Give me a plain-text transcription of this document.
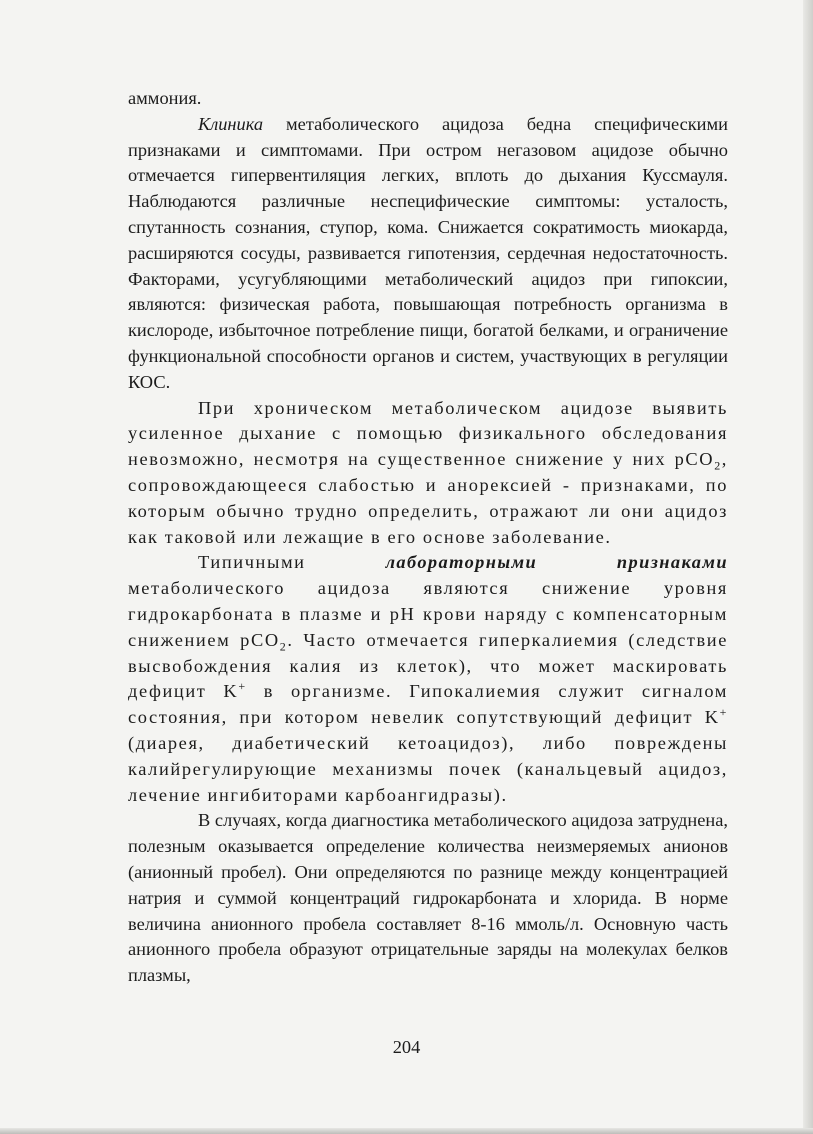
аммония.

Клиника метаболического ацидоза бедна специфическими признаками и симптомами. При остром негазовом ацидозе обычно отмечается гипервентиляция легких, вплоть до дыхания Куссмауля. Наблюдаются различные неспецифические симптомы: усталость, спутанность сознания, ступор, кома. Снижается сократимость миокарда, расширяются сосуды, развивается гипотензия, сердечная недостаточность. Факторами, усугубляющими метаболический ацидоз при гипоксии, являются: физическая работа, повышающая потребность организма в кислороде, избыточное потребление пищи, богатой белками, и ограничение функциональной способности органов и систем, участвующих в регуляции КОС.

При хроническом метаболическом ацидозе выявить усиленное дыхание с помощью физикального обследования невозможно, несмотря на существенное снижение у них pCO$_2$, сопровождающееся слабостью и анорексией - признаками, по которым обычно трудно определить, отражают ли они ацидоз как таковой или лежащие в его основе заболевание.

Типичными	лабораторными признаками

метаболического ацидоза являются снижение уровня гидрокарбоната в плазме и рН крови наряду с компенсаторным снижением pCO$_2$. Часто отмечается гиперкалиемия (следствие высвобождения калия из клеток), что может маскировать дефицит K+ в организме. Гипокалиемия служит сигналом состояния, при котором невелик сопутствующий дефицит K+ (диарея, диабетический кетоацидоз), либо повреждены калийрегулирующие механизмы почек (канальцевый ацидоз, лечение ингибиторами карбоангидразы).

В случаях, когда диагностика метаболического ацидоза затруднена, полезным оказывается определение количества неизмеряемых анионов (анионный пробел). Они определяются по разнице между концентрацией натрия и суммой концентраций гидрокарбоната и хлорида. В норме величина анионного пробела составляет 8-16 ммоль/л. Основную часть анионного пробела образуют отрицательные заряды на молекулах белков плазмы,

204
